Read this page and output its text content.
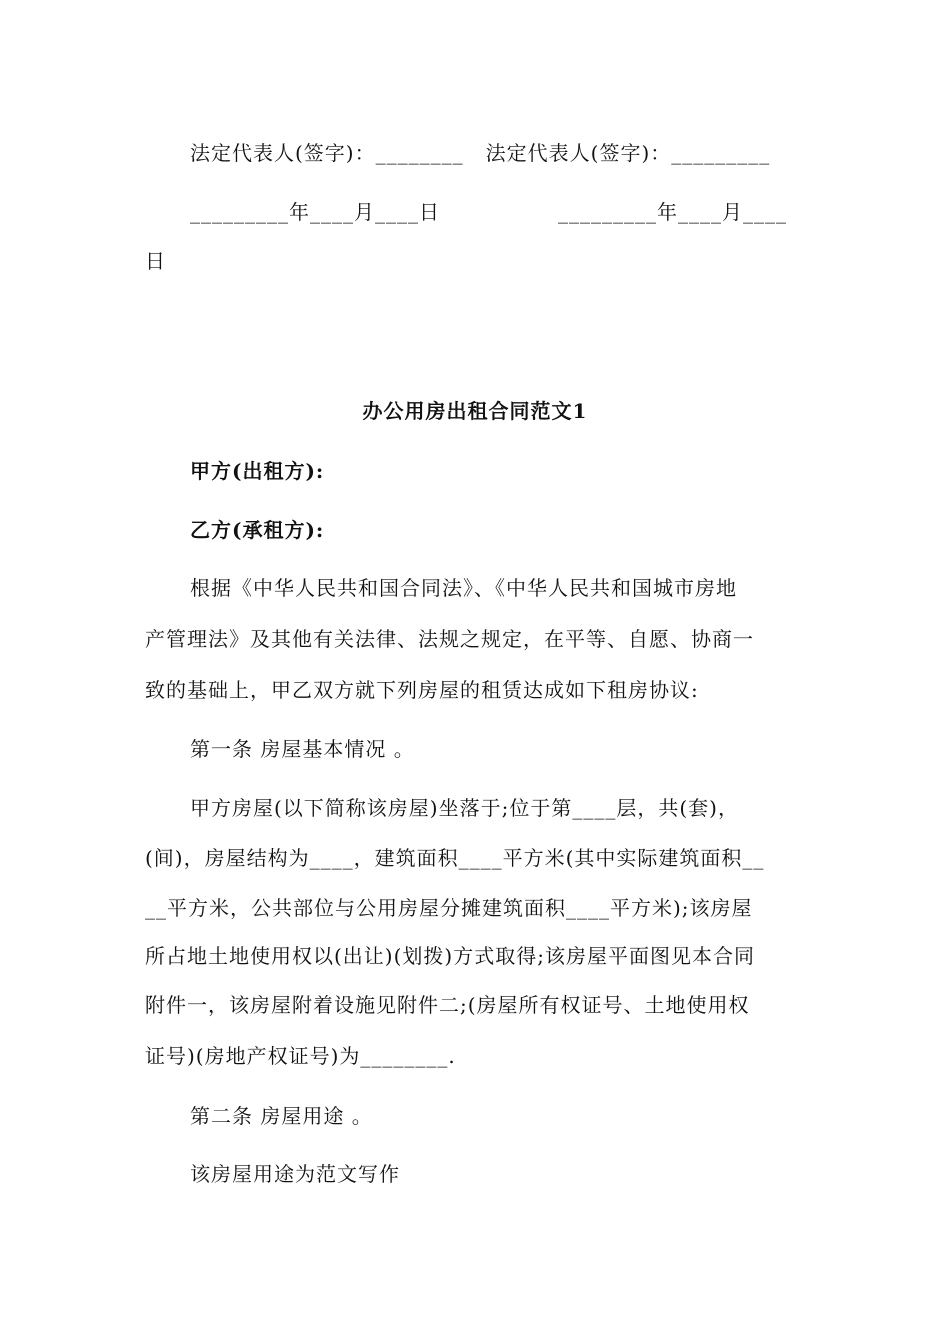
法定代表人(签字)：________   法定代表人(签字)：_________
_________年____月____日	_________年____月____
日
办公用房出租合同范文1
甲方(出租方):
乙方(承租方):
根据《中华人民共和国合同法》、《中华人民共和国城市房地
产管理法》及其他有关法律、法规之规定，在平等、自愿、协商一
致的基础上，甲乙双方就下列房屋的租赁达成如下租房协议:
第一条 房屋基本情况 。
甲方房屋(以下简称该房屋)坐落于;位于第____层，共(套)，
(间)，房屋结构为____，建筑面积____平方米(其中实际建筑面积__
__平方米，公共部位与公用房屋分摊建筑面积____平方米);该房屋
所占地土地使用权以(出让)(划拨)方式取得;该房屋平面图见本合同
附件一，该房屋附着设施见附件二;(房屋所有权证号、土地使用权
证号)(房地产权证号)为________.
第二条 房屋用途 。
该房屋用途为范文写作
